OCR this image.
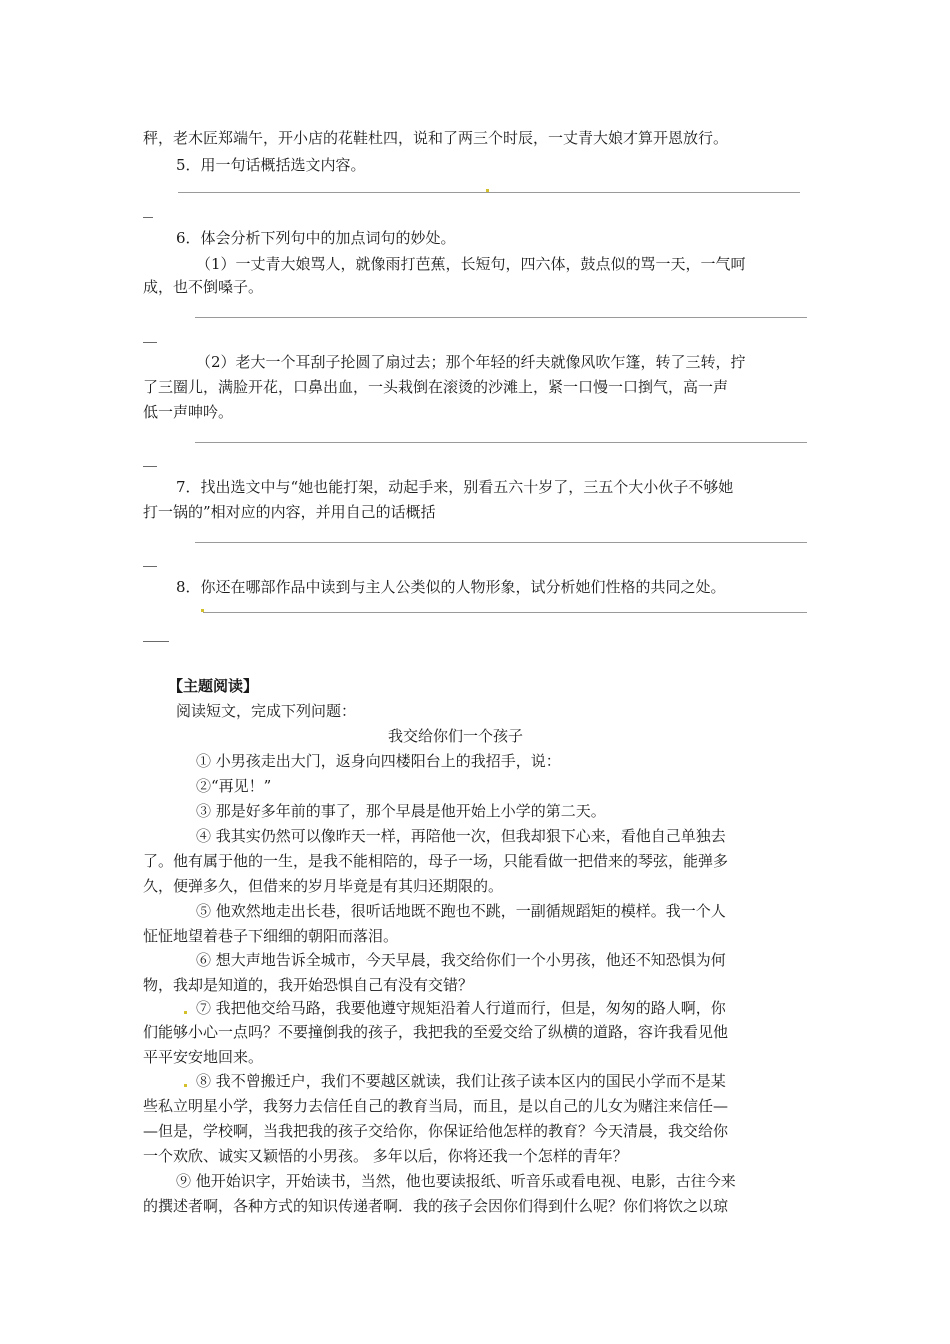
秤，老木匠郑端午，开小店的花鞋杜四，说和了两三个时辰，一丈青大娘才算开恩放行。
5．用一句话概括选文内容。
6．体会分析下列句中的加点词句的妙处。
（1）一丈青大娘骂人，就像雨打芭蕉，长短句，四六体，鼓点似的骂一天，一气呵
成，也不倒嗓子。
（2）老大一个耳刮子抡圆了扇过去；那个年轻的纤夫就像风吹乍篷，转了三转，拧
了三圈儿，满脸开花，口鼻出血，一头栽倒在滚烫的沙滩上，紧一口慢一口捯气，高一声
低一声呻吟。
7．找出选文中与“她也能打架，动起手来，别看五六十岁了，三五个大小伙子不够她
打一锅的”相对应的内容，并用自己的话概括
8．你还在哪部作品中读到与主人公类似的人物形象，试分析她们性格的共同之处。
【主题阅读】
阅读短文，完成下列问题：
我交给你们一个孩子
① 小男孩走出大门，返身向四楼阳台上的我招手，说：
②“再见！”
③ 那是好多年前的事了，那个早晨是他开始上小学的第二天。
④ 我其实仍然可以像昨天一样，再陪他一次，但我却狠下心来，看他自己单独去
了。他有属于他的一生，是我不能相陪的，母子一场，只能看做一把借来的琴弦，能弹多
久，便弹多久，但借来的岁月毕竟是有其归还期限的。
⑤ 他欢然地走出长巷，很听话地既不跑也不跳，一副循规蹈矩的模样。我一个人
怔怔地望着巷子下细细的朝阳而落泪。
⑥ 想大声地告诉全城市，今天早晨，我交给你们一个小男孩，他还不知恐惧为何
物，我却是知道的，我开始恐惧自己有没有交错？
⑦ 我把他交给马路，我要他遵守规矩沿着人行道而行，但是，匆匆的路人啊，你
们能够小心一点吗？不要撞倒我的孩子，我把我的至爱交给了纵横的道路，容许我看见他
平平安安地回来。
⑧ 我不曾搬迁户，我们不要越区就读，我们让孩子读本区内的国民小学而不是某
些私立明星小学，我努力去信任自己的教育当局，而且，是以自己的儿女为赌注来信任—
—但是，学校啊，当我把我的孩子交给你，你保证给他怎样的教育？今天清晨，我交给你
一个欢欣、诚实又颖悟的小男孩。 多年以后，你将还我一个怎样的青年？
⑨ 他开始识字，开始读书，当然，他也要读报纸、听音乐或看电视、电影，古往今来
的撰述者啊，各种方式的知识传递者啊．我的孩子会因你们得到什么呢？你们将饮之以琼
